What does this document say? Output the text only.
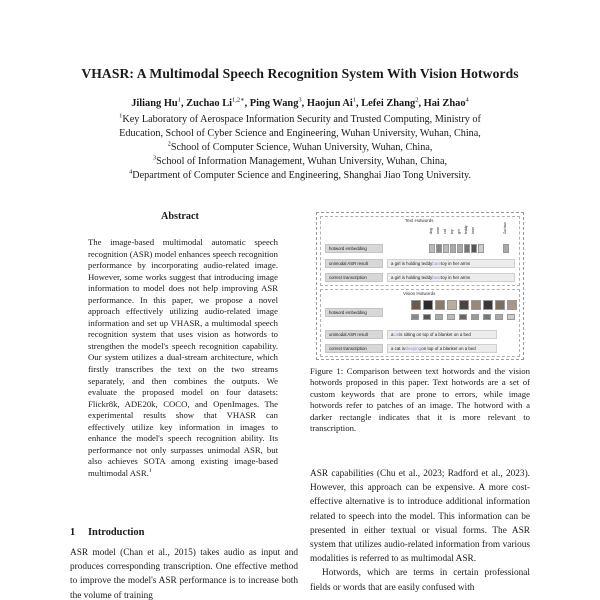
VHASR: A Multimodal Speech Recognition System With Vision Hotwords
Jiliang Hu$^1$, Zuchao $Li^{1,2∗}$, Ping Wang$^3$, Haojun Ai$^1$, Lefei Zhang$^2$, Hai Zhao$^4$
$^1$Key Laboratory of Aerospace Information Security and Trusted Computing, Ministry of
Education, School of Cyber Science and Engineering, Wuhan University, Wuhan, China,
$^2$School of Computer Science, Wuhan University, Wuhan, China,
$^3$School of Information Management, Wuhan University, Wuhan, China,
$^4$Department of Computer Science and Engineering, Shanghai Jiao Tong University.
Abstract
The image-based multimodal automatic speech recognition (ASR) model enhances speech recognition performance by incorporating audio-related image. However, some works suggest that introducing image information to model does not help improving ASR performance. In this paper, we propose a novel approach effectively utilizing audio-related image information and set up VHASR, a multimodal speech recognition system that uses vision as hotwords to strengthen the model's speech recognition capability. Our system utilizes a dual-stream architecture, which firstly transcribes the text on the two streams separately, and then combines the outputs. We evaluate the proposed model on four datasets: Flickr8k, ADE20k, COCO, and OpenImages. The experimental results show that VHASR can effectively utilize key information in images to enhance the model's speech recognition ability. Its performance not only surpasses unimodal ASR, but also achieves SOTA among existing image-based multimodal ASR.$^1$
1 Introduction
ASR model (Chan et al., 2015) takes audio as input and produces corresponding transcription. One effective method to improve the model's ASR performance is to increase both the volume of training
Text Hotwords
dog bear cat toy girl teddy bear	Zuchao
hotword embedding
unimodal ASR result	a girl is holding teddy bare toy in her arms
correct transcription	a girl is holding teddy bear toy in her arms
Vision Hotwords
hotword embedding
unimodal ASR result	a cat is sitting on top of a blanket on a bed
correct transcription	a cat is sleeping on top of a blanket on a bed
Figure 1: Comparison between text hotwords and the vision hotwords proposed in this paper. Text hotwords are a set of custom keywords that are prone to errors, while image hotwords refer to patches of an image. The hotword with a darker rectangle indicates that it is more relevant to transcription.

ASR capabilities (Chu et al., 2023; Radford et al., 2023). However, this approach can be expensive. A more cost-effective alternative is to introduce additional information related to speech into the model. This information can be presented in either textual or visual forms. The ASR system that utilizes audio-related information from various modalities is referred to as multimodal ASR.

Hotwords, which are terms in certain professional fields or words that are easily confused with
